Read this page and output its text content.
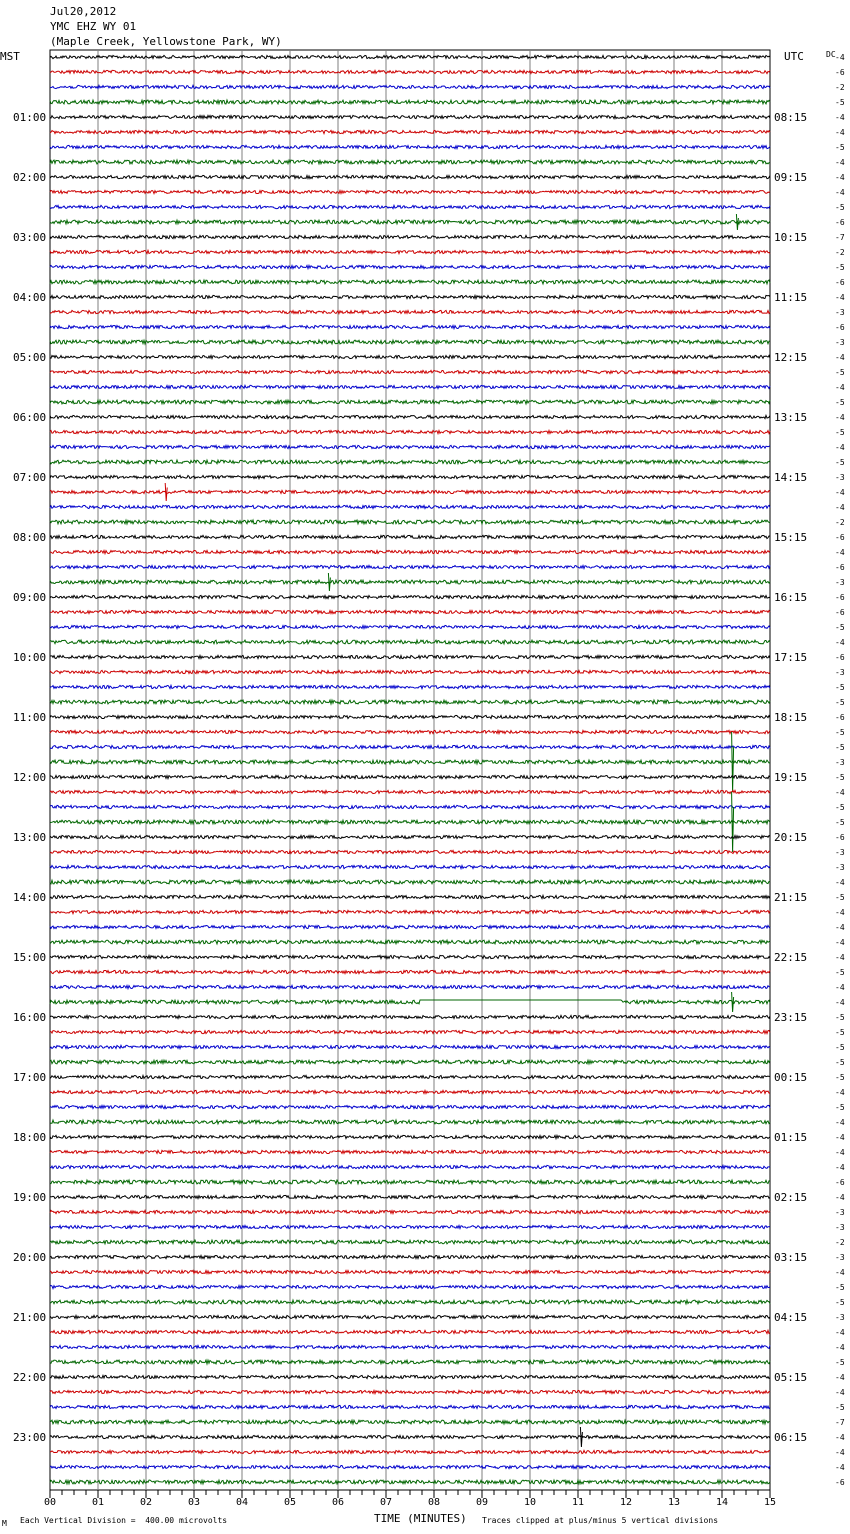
Jul20,2012
YMC EHZ WY 01
(Maple Creek, Yellowstone Park, WY)
MST	UTC	DC -4
-6
-2
-5
-4
-4
-5
-4
-4
-4
-5
-6
-7
-2
-5
-6
-4
-3
-6
-3
-4
-5
-4
-5
-4
-5
-4
-5
-3
-4
-4
-2
-6
-4
-6
-3
-6
-6
-5
-4
-6
-3
-5
-5
-6
-5
-5
-3
-5
-4
-5
-5
-6
-3
-3
-4
-5
-4
-4
-4
-4
-5
-4
-4
-5
-5
-5
-5
-5
-4
-5
-4
-4
-4
-4
-6
-4
-3
-3
-2
-3
-4
-5
-5
-3
-4
-4
-5
-4
-4
-5
-7
-4
-4
-4
-6
01:00
02:00
03:00
04:00
05:00
06:00
07:00
08:00
09:00
10:00
11:00
12:00
13:00
14:00
15:00
16:00
17:00
18:00
19:00
20:00
21:00
22:00
23:00
08:15
09:15
10:15
11:15
12:15
13:15
14:15
15:15
16:15
17:15
18:15
19:15
20:15
21:15
22:15
23:15
00:15
01:15
02:15
03:15
04:15
05:15
06:15
00	01	02	03	04	05	06	07	08	09	10	11	12	13	14	15
M Each Vertical Division =  400.00 microvolts	TIME (MINUTES) Traces clipped at plus/minus 5 vertical divisions
